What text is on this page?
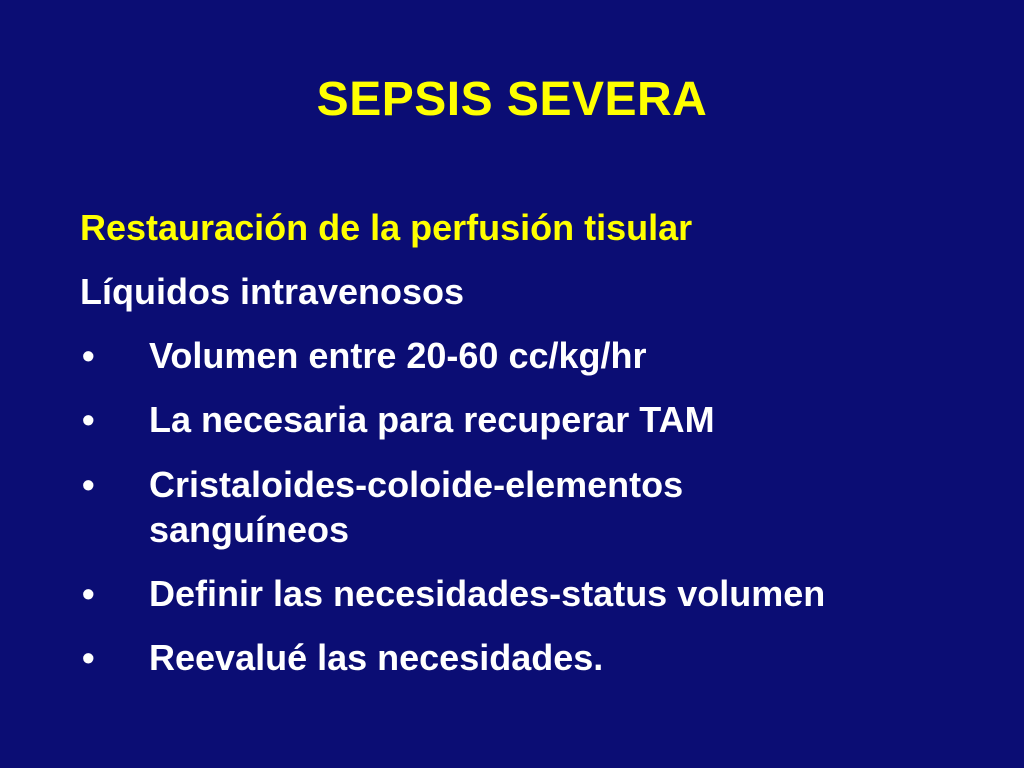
SEPSIS SEVERA
Restauración de la perfusión tisular
Líquidos intravenosos
• Volumen entre 20-60 cc/kg/hr
• La necesaria para recuperar TAM
• Cristaloides-coloide-elementos
sanguíneos
• Definir las necesidades-status volumen
• Reevalué las necesidades.
